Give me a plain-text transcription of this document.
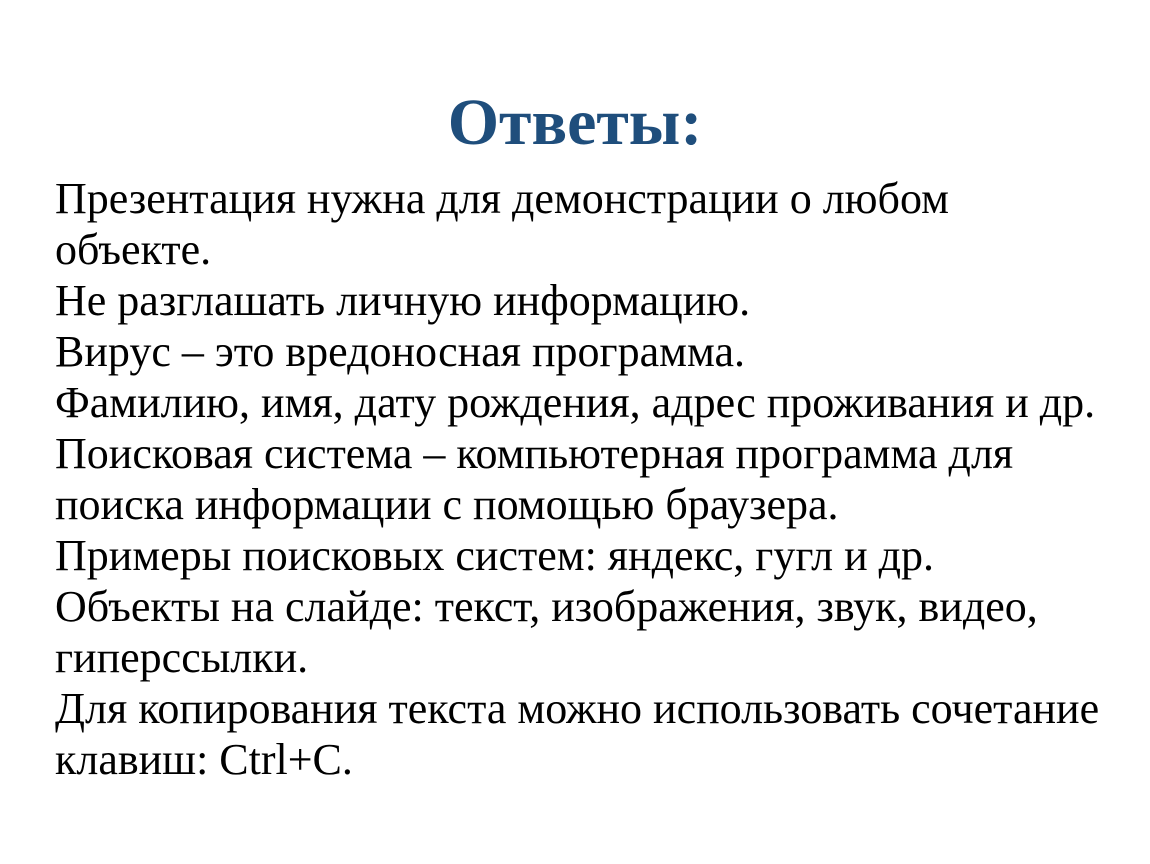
Ответы:
Презентация нужна для демонстрации о любом
объекте.
Не разглашать личную информацию.
Вирус – это вредоносная программа.
Фамилию, имя, дату рождения, адрес проживания и др.
Поисковая система – компьютерная программа для
поиска информации с помощью браузера.
Примеры поисковых систем: яндекс, гугл и др.
Объекты на слайде: текст, изображения, звук, видео,
гиперссылки.
Для копирования текста можно использовать сочетание
клавиш: Ctrl+C.
